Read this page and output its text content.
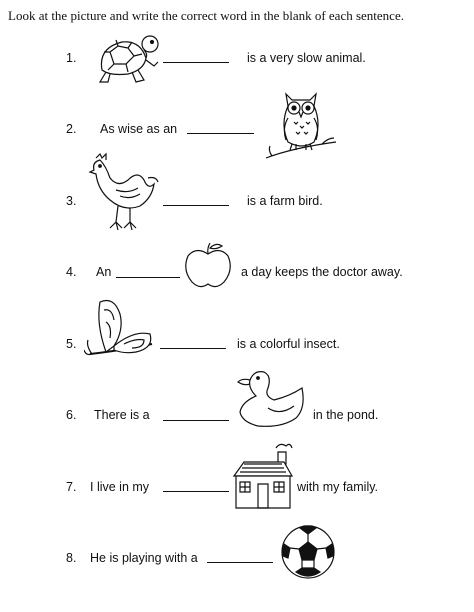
Look at the picture and write the correct word in the blank of each sentence.
1.	is a very slow animal.
2. As wise as an
3.	is a farm bird.
4. An	a day keeps the doctor away.
5.	is a colorful insect.
6. There is a	in the pond.
7. I live in my	with my family.
8. He is playing with a
